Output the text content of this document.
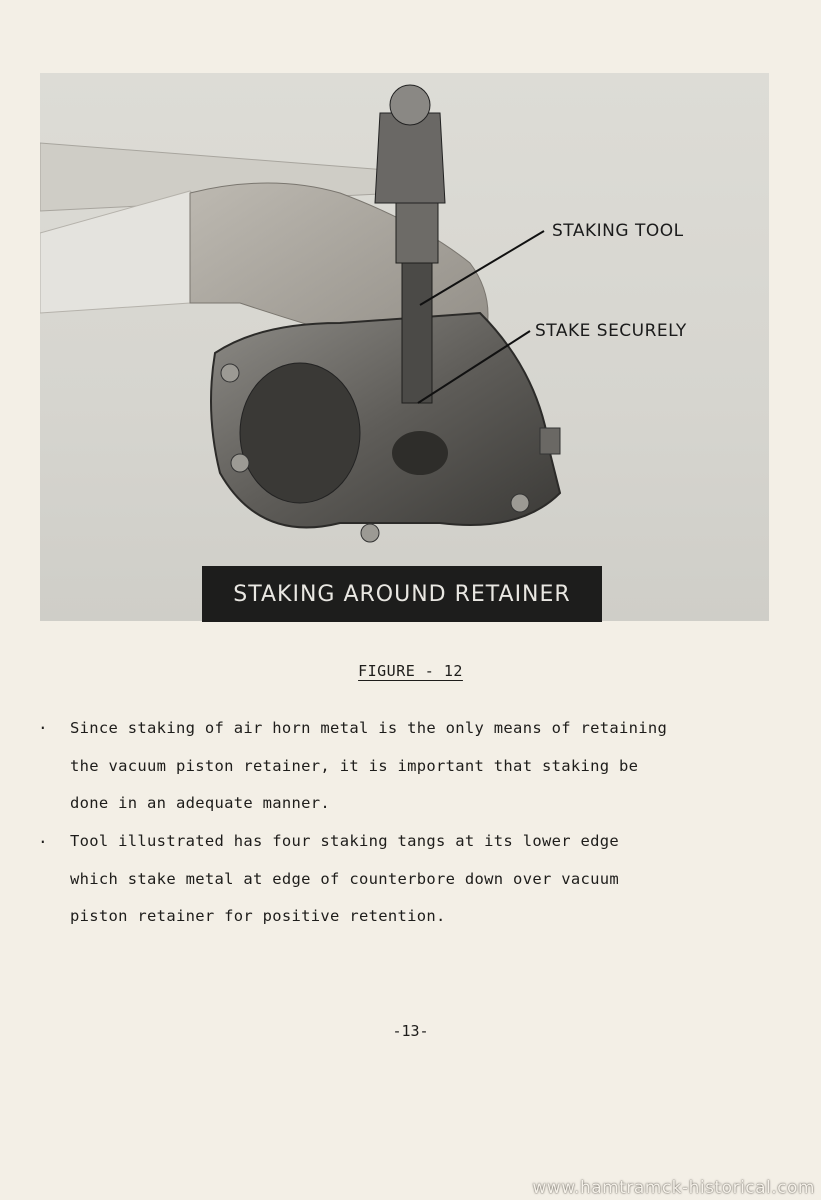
STAKING TOOL
STAKE SECURELY
STAKING AROUND RETAINER
FIGURE - 12
. Since staking of air horn metal is the only means of retaining
the vacuum piston retainer, it is important that staking be
done in an adequate manner.
. Tool illustrated has four staking tangs at its lower edge
which stake metal at edge of counterbore down over vacuum
piston retainer for positive retention.
-13-
www.hamtramck-historical.com
